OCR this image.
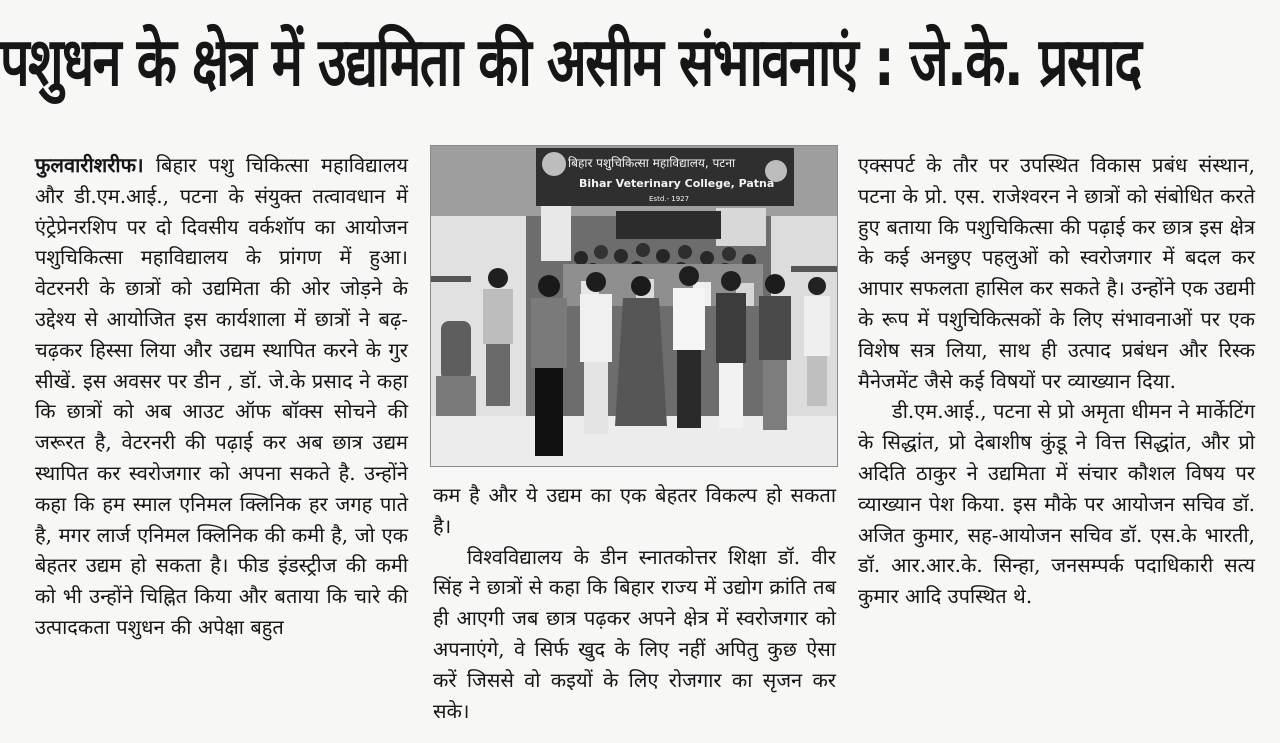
पशुधन के क्षेत्र में उद्यमिता की असीम संभावनाएं : जे.के. प्रसाद

फुलवारीशरीफ। बिहार पशु चिकित्सा महाविद्यालय और डी.एम.आई., पटना के संयुक्त तत्वावधान में एंट्रेप्रेनरशिप पर दो दिवसीय वर्कशॉप का आयोजन पशुचिकित्सा महाविद्यालय के प्रांगण में हुआ। वेटरनरी के छात्रों को उद्यमिता की ओर जोड़ने के उद्देश्य से आयोजित इस कार्यशाला में छात्रों ने बढ़-चढ़कर हिस्सा लिया और उद्यम स्थापित करने के गुर सीखें. इस अवसर पर डीन , डॉ. जे.के प्रसाद ने कहा कि छात्रों को अब आउट ऑफ बॉक्स सोचने की जरूरत है, वेटरनरी की पढ़ाई कर अब छात्र उद्यम स्थापित कर स्वरोजगार को अपना सकते है. उन्होंने कहा कि हम स्माल एनिमल क्लिनिक हर जगह पाते है, मगर लार्ज एनिमल क्लिनिक की कमी है, जो एक बेहतर उद्यम हो सकता है। फीड इंडस्ट्रीज की कमी को भी उन्होंने चिह्नित किया और बताया कि चारे की उत्पादकता पशुधन की अपेक्षा बहुत

बिहार पशुचिकित्सा महाविद्यालय, पटना
Bihar Veterinary College, Patna
Estd.- 1927

कम है और ये उद्यम का एक बेहतर विकल्प हो सकता है।

विश्वविद्यालय के डीन स्नातकोत्तर शिक्षा डॉ. वीर सिंह ने छात्रों से कहा कि बिहार राज्य में उद्योग क्रांति तब ही आएगी जब छात्र पढ़कर अपने क्षेत्र में स्वरोजगार को अपनाएंगे, वे सिर्फ खुद के लिए नहीं अपितु कुछ ऐसा करें जिससे वो कइयों के लिए रोजगार का सृजन कर सके।

एक्सपर्ट के तौर पर उपस्थित विकास प्रबंध संस्थान, पटना के प्रो. एस. राजेश्वरन ने छात्रों को संबोधित करते हुए बताया कि पशुचिकित्सा की पढ़ाई कर छात्र इस क्षेत्र के कई अनछुए पहलुओं को स्वरोजगार में बदल कर आपार सफलता हासिल कर सकते है। उन्होंने एक उद्यमी के रूप में पशुचिकित्सकों के लिए संभावनाओं पर एक विशेष सत्र लिया, साथ ही उत्पाद प्रबंधन और रिस्क मैनेजमेंट जैसे कई विषयों पर व्याख्यान दिया.

डी.एम.आई., पटना से प्रो अमृता धीमन ने मार्केटिंग के सिद्धांत, प्रो देबाशीष कुंडू ने वित्त सिद्धांत, और प्रो अदिति ठाकुर ने उद्यमिता में संचार कौशल विषय पर व्याख्यान पेश किया. इस मौके पर आयोजन सचिव डॉ. अजित कुमार, सह-आयोजन सचिव डॉ. एस.के भारती, डॉ. आर.आर.के. सिन्हा, जनसम्पर्क पदाधिकारी सत्य कुमार आदि उपस्थित थे.
